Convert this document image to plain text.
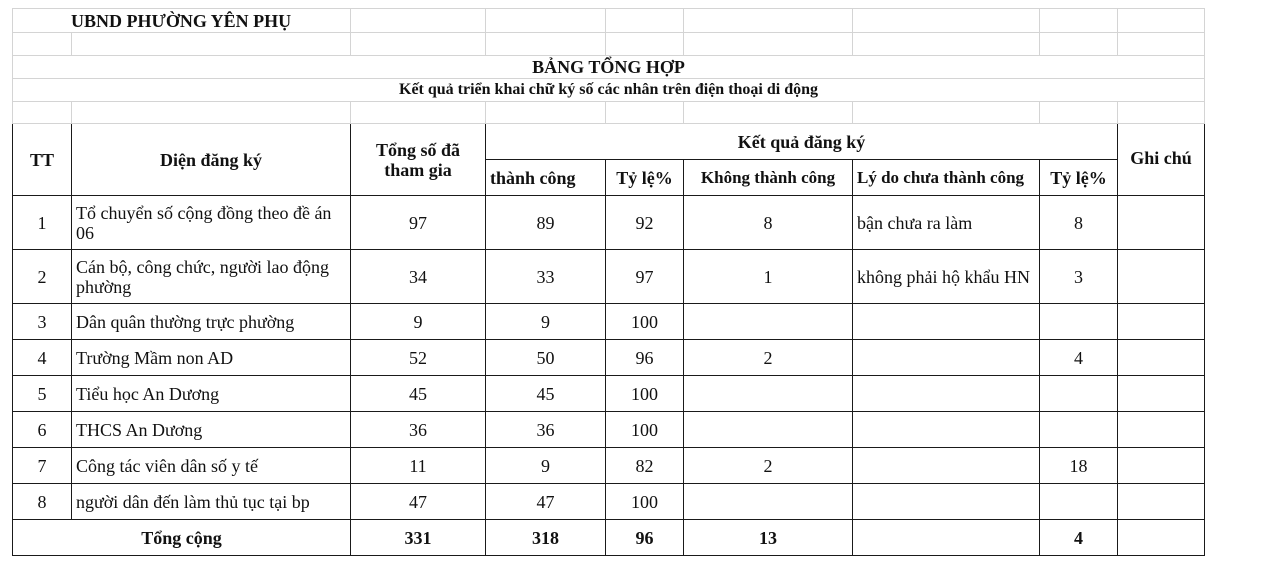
UBND PHƯỜNG YÊN PHỤ								

BẢNG TỔNG HỢP								
Kết quả triển khai chữ ký số các nhân trên điện thoại di động								

TT	Diện đăng ký	Tổng số đã tham gia	Kết quả đăng ký					Ghi chú
			thành công	Tỷ lệ%	Không thành công	Lý do chưa thành công	Tỷ lệ%	
1	Tổ chuyển số cộng đồng theo đề án 06	97	89	92	8	bận chưa ra làm	8	
2	Cán bộ, công chức, người lao động phường	34	33	97	1	không phải hộ khẩu HN	3	
3	Dân quân thường trực phường	9	9	100				
4	Trường Mầm non AD	52	50	96	2		4	
5	Tiểu học An Dương	45	45	100				
6	THCS An Dương	36	36	100				
7	Công tác viên dân số y tế	11	9	82	2		18	
8	người dân đến làm thủ tục tại bp	47	47	100				
Tổng cộng		331	318	96	13		4	
